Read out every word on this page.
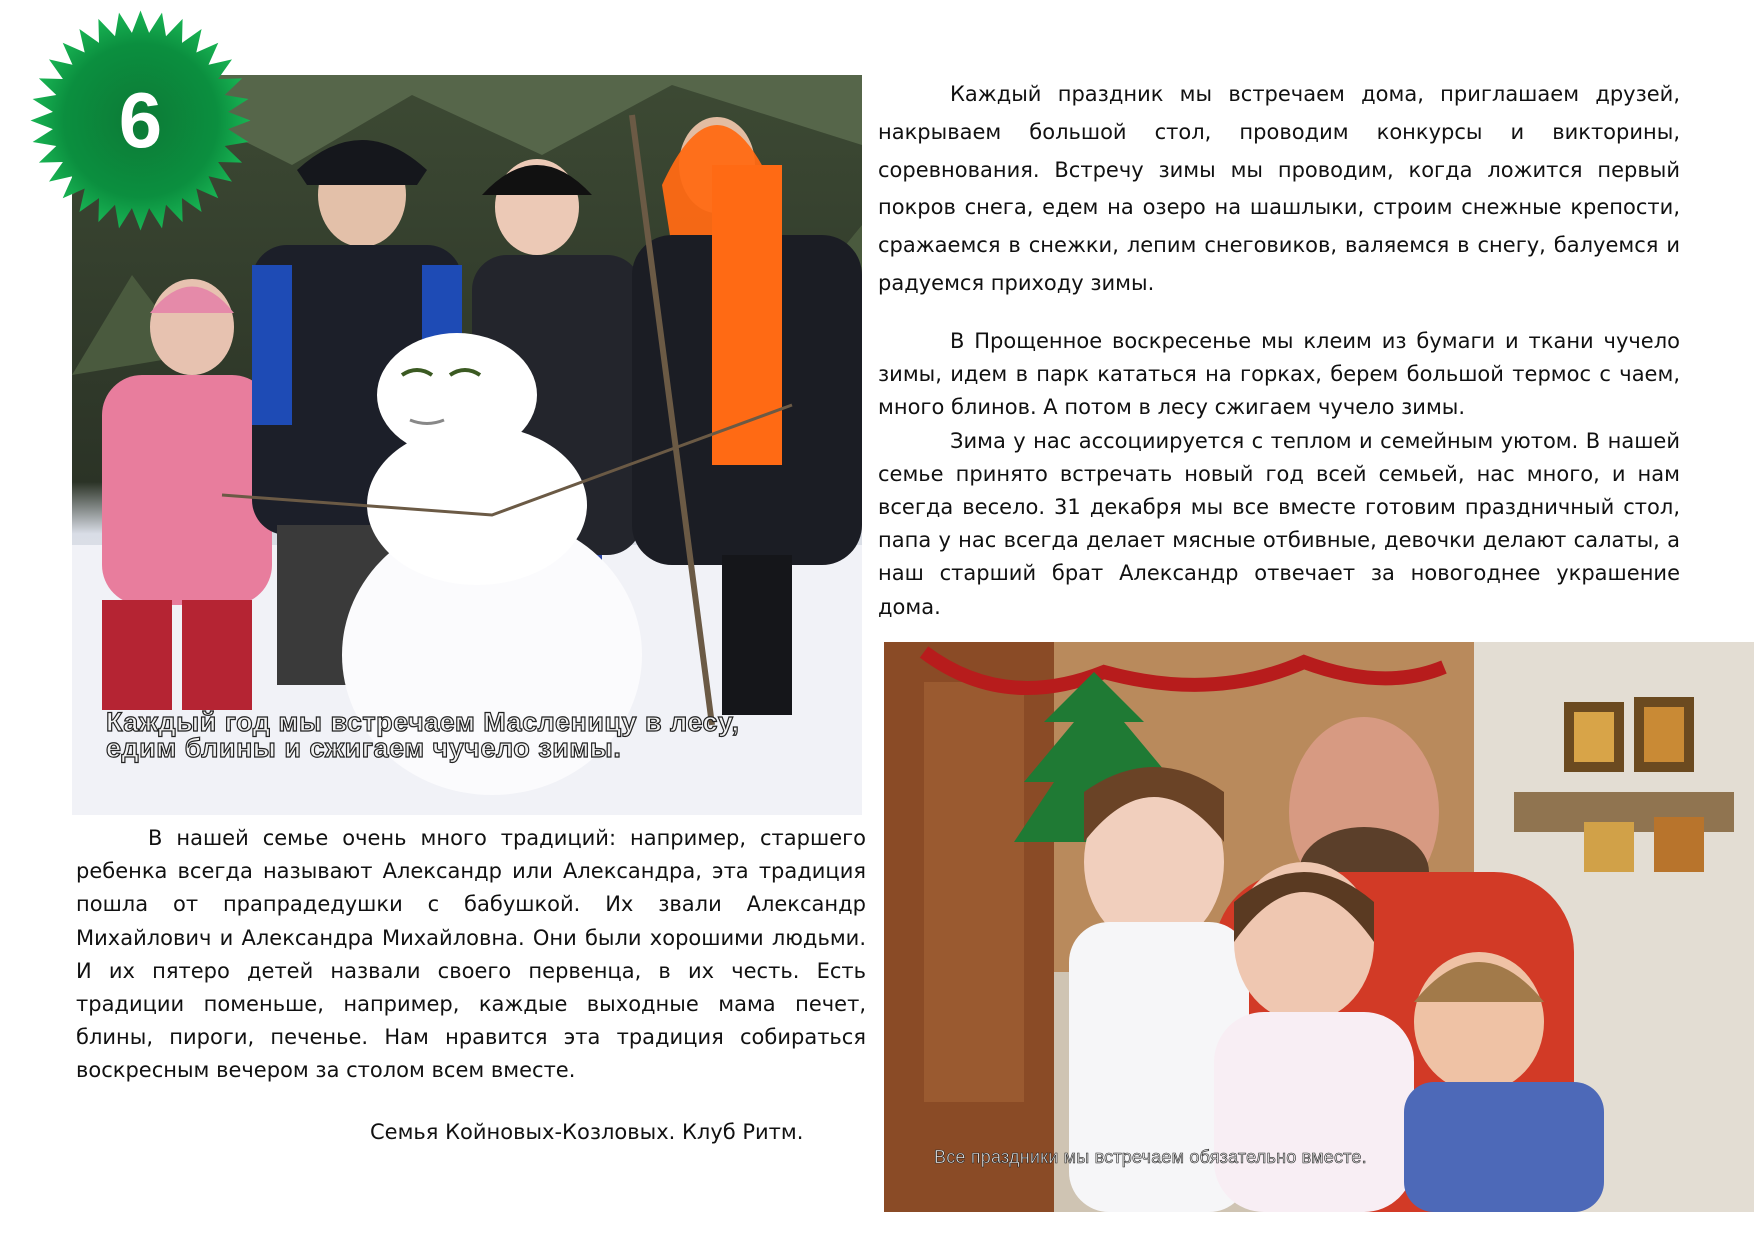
Каждый год мы встречаем Масленицу в лесу,
едим блины и сжигаем чучело зимы.
6	Каждый праздник мы встречаем дома, приглашаем друзей, накрываем большой стол, проводим конкурсы и викторины, соревнования. Встречу зимы мы проводим, когда ложится первый покров снега, едем на озеро на шашлыки, строим снежные крепости, сражаемся в снежки, лепим снеговиков, валяемся в снегу, балуемся и радуемся приходу зимы.

В Прощенное воскресенье мы клеим из бумаги и ткани чучело зимы, идем в парк кататься на горках, берем большой термос с чаем, много блинов. А потом в лесу сжигаем чучело зимы.

Зима у нас ассоциируется с теплом и семейным уютом. В нашей семье принято встречать новый год всей семьей, нас много, и нам всегда весело. 31 декабря мы все вместе готовим праздничный стол, папа у нас всегда делает мясные отбивные, девочки делают салаты, а наш старший брат Александр отвечает за новогоднее украшение дома.

Все праздники мы встречаем обязательно вместе.

В нашей семье очень много традиций: например, старшего ребенка всегда называют Александр или Александра, эта традиция пошла от прапрадедушки с бабушкой. Их звали Александр Михайлович и Александра Михайловна. Они были хорошими людьми. И их пятеро детей назвали своего первенца, в их честь. Есть традиции поменьше, например, каждые выходные мама печет, блины, пироги, печенье. Нам нравится эта традиция собираться воскресным вечером за столом всем вместе.

Семья Койновых-Козловых. Клуб Ритм.
